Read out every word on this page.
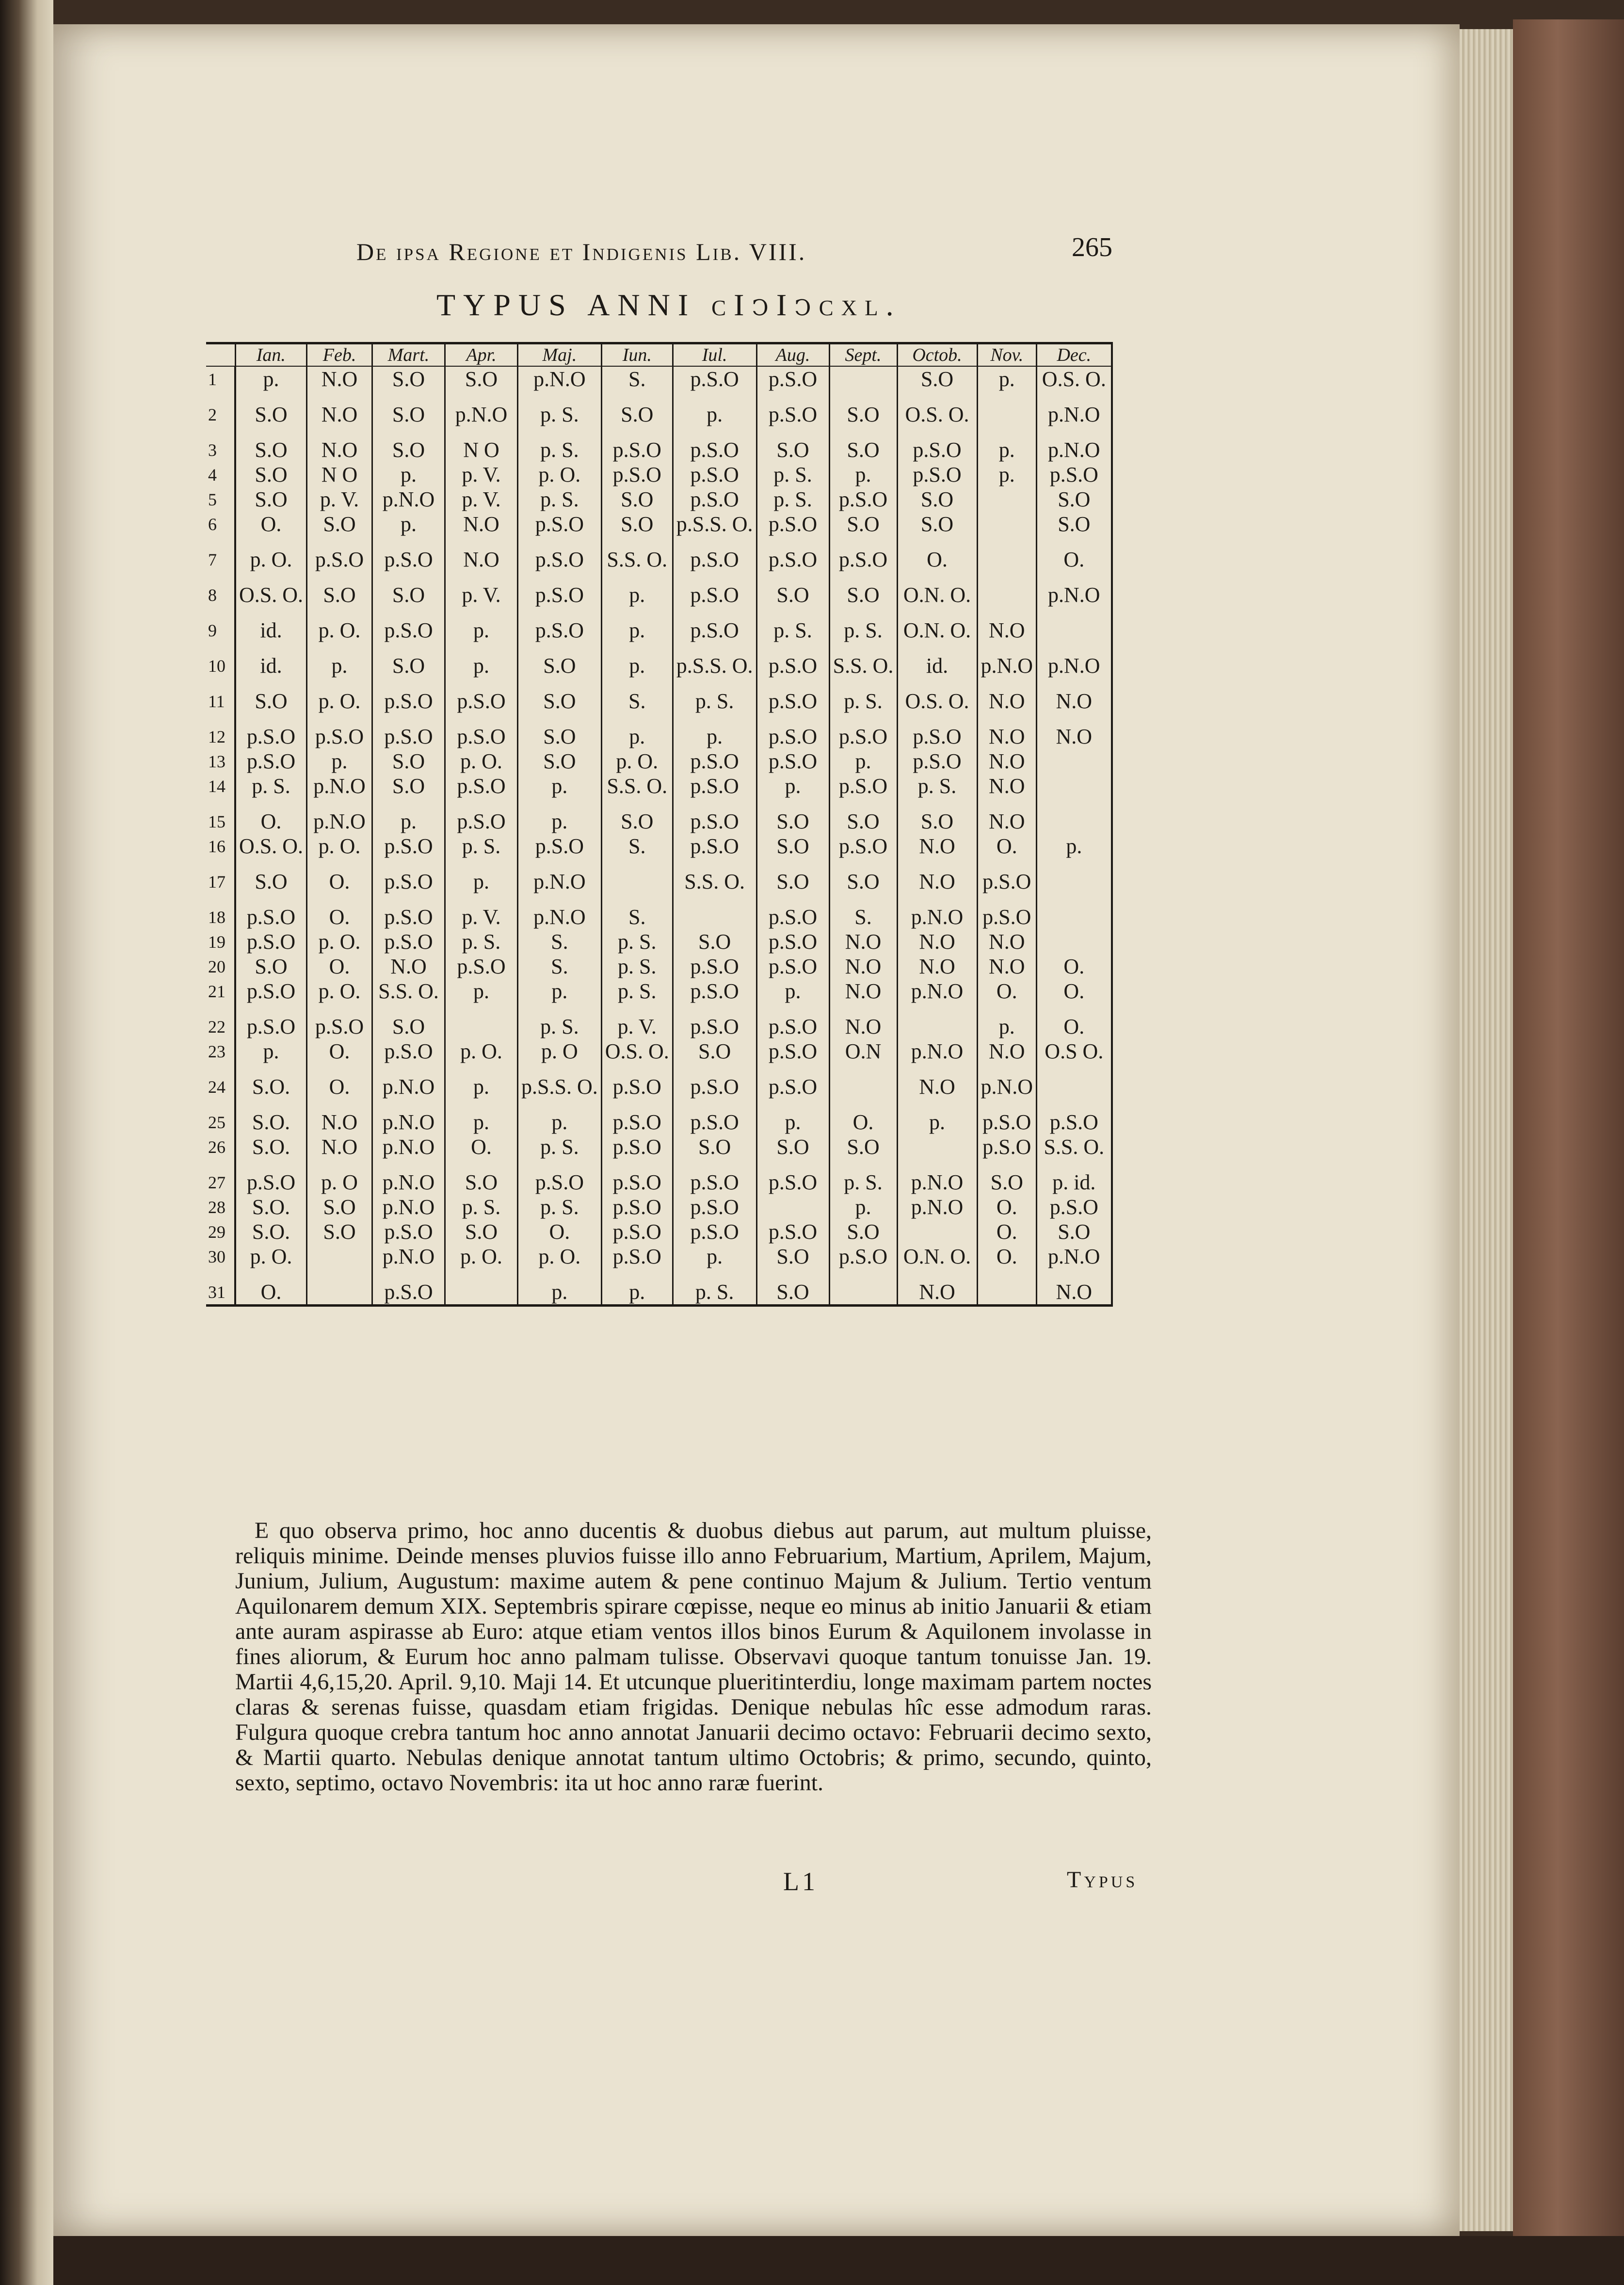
De ipsa Regione et Indigenis Lib. VIII.	265
TYPUS ANNI cIↄIↄcxl.
	Ian.	Feb.	Mart.	Apr.	Maj.	Iun.	Iul.	Aug.	Sept.	Octob.	Nov.	Dec.
1	p.	N.O	S.O	S.O	p.N.O	S.	p.S.O	p.S.O		S.O	p.	O.S. O.

2	S.O	N.O	S.O	p.N.O	p. S.	S.O	p.	p.S.O	S.O	O.S. O.		p.N.O

3	S.O	N.O	S.O	N O	p. S.	p.S.O	p.S.O	S.O	S.O	p.S.O	p.	p.N.O
4	S.O	N O	p.	p. V.	p. O.	p.S.O	p.S.O	p. S.	p.	p.S.O	p.	p.S.O
5	S.O	p. V.	p.N.O	p. V.	p. S.	S.O	p.S.O	p. S.	p.S.O	S.O		S.O
6	O.	S.O	p.	N.O	p.S.O	S.O	p.S.S. O.	p.S.O	S.O	S.O		S.O

7	p. O.	p.S.O	p.S.O	N.O	p.S.O	S.S. O.	p.S.O	p.S.O	p.S.O	O.		O.

8	O.S. O.	S.O	S.O	p. V.	p.S.O	p.	p.S.O	S.O	S.O	O.N. O.		p.N.O

9	id.	p. O.	p.S.O	p.	p.S.O	p.	p.S.O	p. S.	p. S.	O.N. O.	N.O	

10	id.	p.	S.O	p.	S.O	p.	p.S.S. O.	p.S.O	S.S. O.	id.	p.N.O	p.N.O

11	S.O	p. O.	p.S.O	p.S.O	S.O	S.	p. S.	p.S.O	p. S.	O.S. O.	N.O	N.O

12	p.S.O	p.S.O	p.S.O	p.S.O	S.O	p.	p.	p.S.O	p.S.O	p.S.O	N.O	N.O
13	p.S.O	p.	S.O	p. O.	S.O	p. O.	p.S.O	p.S.O	p.	p.S.O	N.O	
14	p. S.	p.N.O	S.O	p.S.O	p.	S.S. O.	p.S.O	p.	p.S.O	p. S.	N.O	

15	O.	p.N.O	p.	p.S.O	p.	S.O	p.S.O	S.O	S.O	S.O	N.O	
16	O.S. O.	p. O.	p.S.O	p. S.	p.S.O	S.	p.S.O	S.O	p.S.O	N.O	O.	p.

17	S.O	O.	p.S.O	p.	p.N.O		S.S. O.	S.O	S.O	N.O	p.S.O	

18	p.S.O	O.	p.S.O	p. V.	p.N.O	S.		p.S.O	S.	p.N.O	p.S.O	
19	p.S.O	p. O.	p.S.O	p. S.	S.	p. S.	S.O	p.S.O	N.O	N.O	N.O	
20	S.O	O.	N.O	p.S.O	S.	p. S.	p.S.O	p.S.O	N.O	N.O	N.O	O.
21	p.S.O	p. O.	S.S. O.	p.	p.	p. S.	p.S.O	p.	N.O	p.N.O	O.	O.

22	p.S.O	p.S.O	S.O		p. S.	p. V.	p.S.O	p.S.O	N.O		p.	O.
23	p.	O.	p.S.O	p. O.	p. O	O.S. O.	S.O	p.S.O	O.N	p.N.O	N.O	O.S O.

24	S.O.	O.	p.N.O	p.	p.S.S. O.	p.S.O	p.S.O	p.S.O		N.O	p.N.O	

25	S.O.	N.O	p.N.O	p.	p.	p.S.O	p.S.O	p.	O.	p.	p.S.O	p.S.O
26	S.O.	N.O	p.N.O	O.	p. S.	p.S.O	S.O	S.O	S.O		p.S.O	S.S. O.

27	p.S.O	p. O	p.N.O	S.O	p.S.O	p.S.O	p.S.O	p.S.O	p. S.	p.N.O	S.O	p. id.
28	S.O.	S.O	p.N.O	p. S.	p. S.	p.S.O	p.S.O		p.	p.N.O	O.	p.S.O
29	S.O.	S.O	p.S.O	S.O	O.	p.S.O	p.S.O	p.S.O	S.O		O.	S.O
30	p. O.		p.N.O	p. O.	p. O.	p.S.O	p.	S.O	p.S.O	O.N. O.	O.	p.N.O

31	O.		p.S.O		p.	p.	p. S.	S.O		N.O		N.O

E quo observa primo, hoc anno ducentis & duobus diebus aut parum, aut multum pluisse, reliquis minime. Deinde menses pluvios fuisse illo anno Februarium, Martium, Aprilem, Majum, Junium, Julium, Augustum: maxime autem & pene continuo Majum & Julium. Tertio ventum Aquilonarem demum XIX. Septembris spirare cœpisse, neque eo minus ab initio Januarii & etiam ante auram aspirasse ab Euro: atque etiam ventos illos binos Eurum & Aquilonem involasse in fines aliorum, & Eurum hoc anno palmam tulisse. Observavi quoque tantum tonuisse Jan. 19. Martii 4,6,15,20. April. 9,10. Maji 14. Et utcunque plueritinterdiu, longe maximam partem noctes claras & serenas fuisse, quasdam etiam frigidas. Denique nebulas hîc esse admodum raras. Fulgura quoque crebra tantum hoc anno annotat Januarii decimo octavo: Februarii decimo sexto, & Martii quarto. Nebulas denique annotat tantum ultimo Octobris; & primo, secundo, quinto, sexto, septimo, octavo Novembris: ita ut hoc anno raræ fuerint.

L1	Typus
